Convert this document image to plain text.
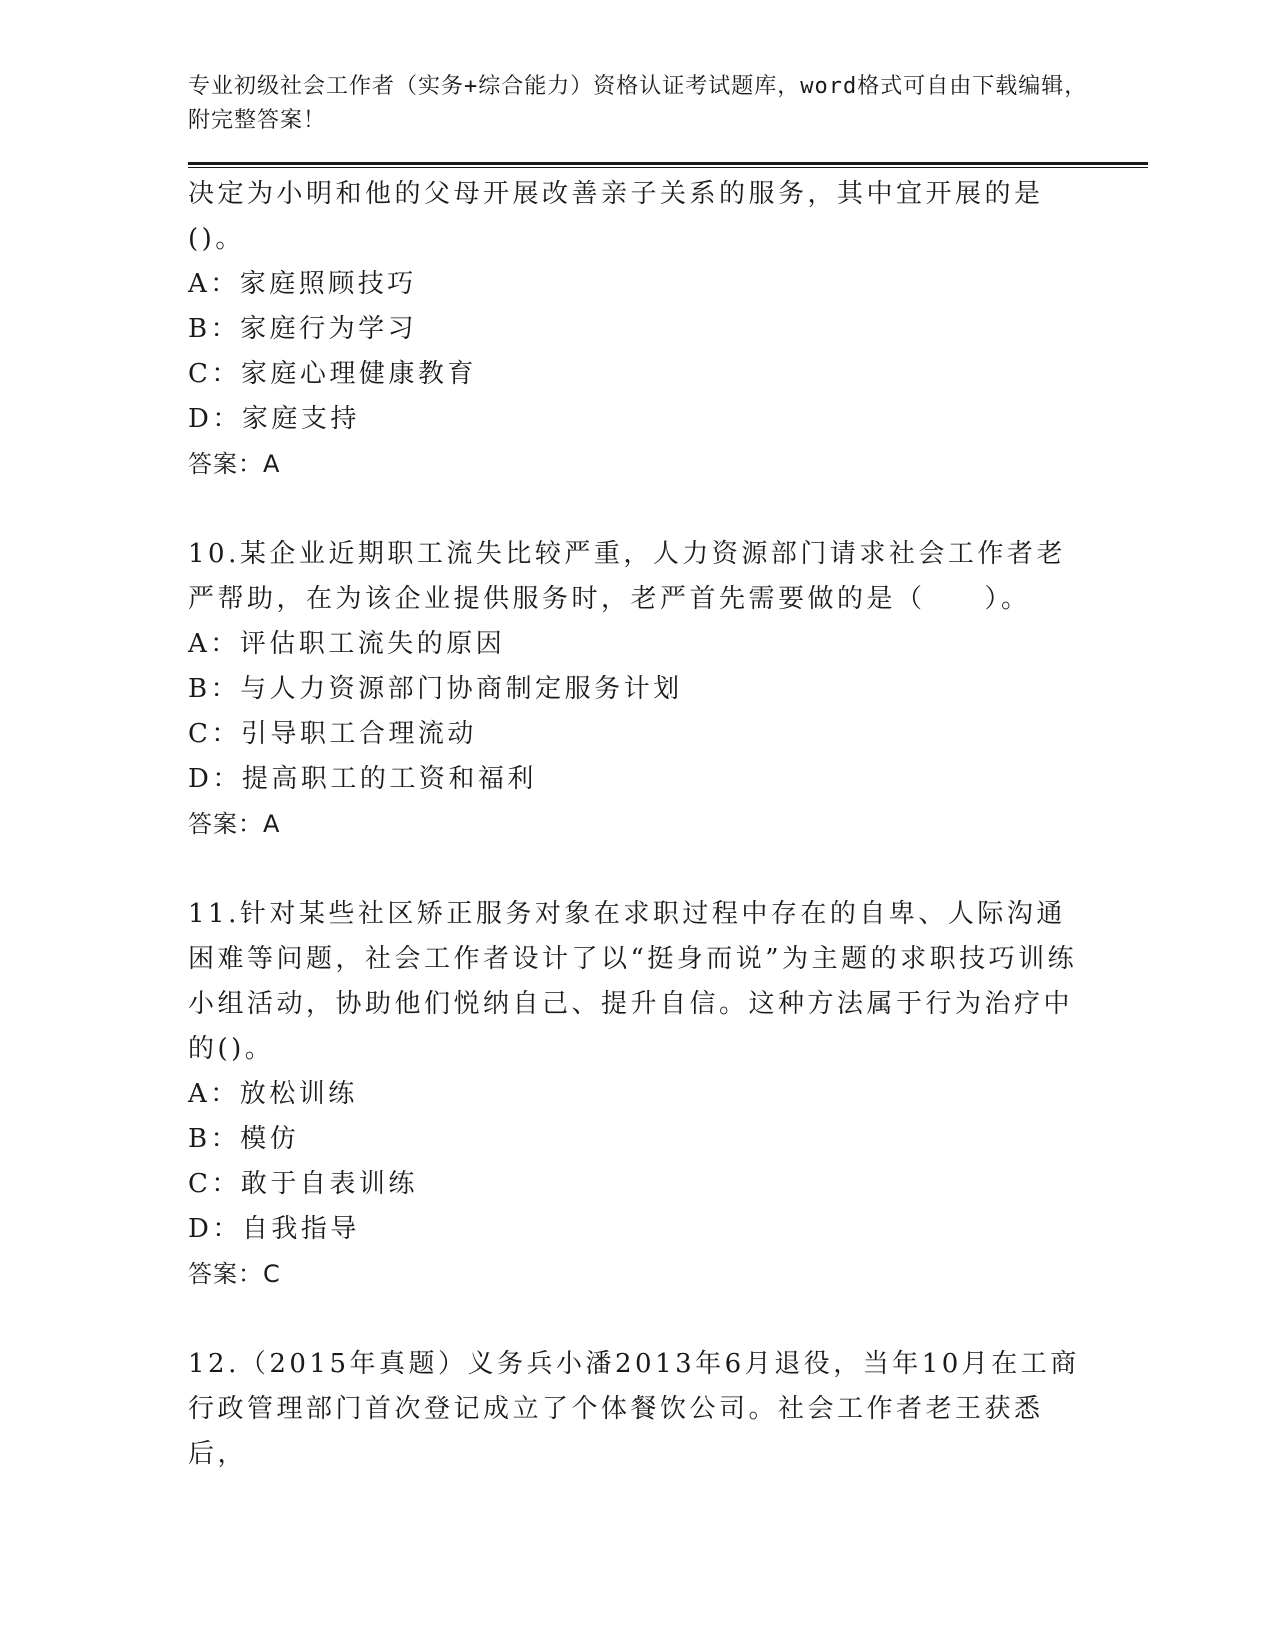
专业初级社会工作者（实务+综合能力）资格认证考试题库，word格式可自由下载编辑，附完整答案！
决定为小明和他的父母开展改善亲子关系的服务，其中宜开展的是()。
A：家庭照顾技巧
B：家庭行为学习
C：家庭心理健康教育
D：家庭支持
答案：A
10.某企业近期职工流失比较严重，人力资源部门请求社会工作者老严帮助，在为该企业提供服务时，老严首先需要做的是（　　）。
A：评估职工流失的原因
B：与人力资源部门协商制定服务计划
C：引导职工合理流动
D：提高职工的工资和福利
答案：A
11.针对某些社区矫正服务对象在求职过程中存在的自卑、人际沟通困难等问题，社会工作者设计了以“挺身而说”为主题的求职技巧训练小组活动，协助他们悦纳自己、提升自信。这种方法属于行为治疗中的()。
A：放松训练
B：模仿
C：敢于自表训练
D：自我指导
答案：C
12.（2015年真题）义务兵小潘2013年6月退役，当年10月在工商行政管理部门首次登记成立了个体餐饮公司。社会工作者老王获悉后，
